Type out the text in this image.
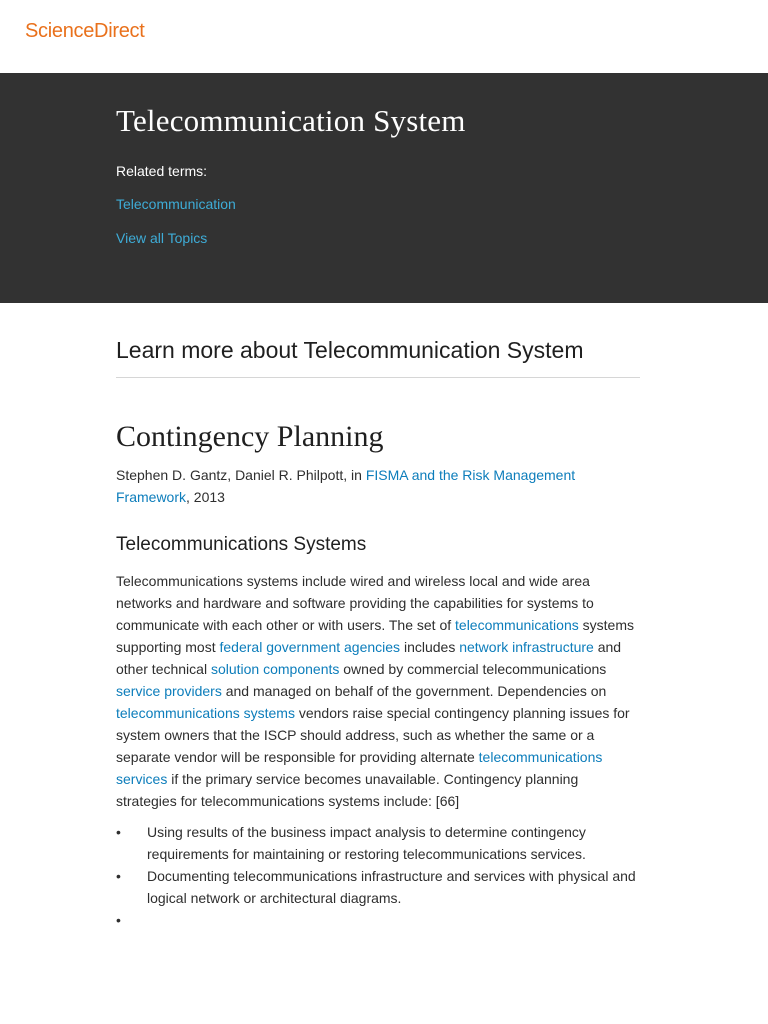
ScienceDirect
Telecommunication System
Related terms:
Telecommunication
View all Topics
Learn more about Telecommunication System
Contingency Planning
Stephen D. Gantz, Daniel R. Philpott, in FISMA and the Risk Management Framework, 2013
Telecommunications Systems

Telecommunications systems include wired and wireless local and wide area networks and hardware and software providing the capabilities for systems to communicate with each other or with users. The set of telecommunications systems supporting most federal government agencies includes network infrastructure and other technical solution components owned by commercial telecommunications service providers and managed on behalf of the government. Dependencies on telecommunications systems vendors raise special contingency planning issues for system owners that the ISCP should address, such as whether the same or a separate vendor will be responsible for providing alternate telecommunications services if the primary service becomes unavailable. Contingency planning strategies for telecommunications systems include: [66]

• Using results of the business impact analysis to determine contingency requirements for maintaining or restoring telecommunications services.
• Documenting telecommunications infrastructure and services with physical and logical network or architectural diagrams.
•
